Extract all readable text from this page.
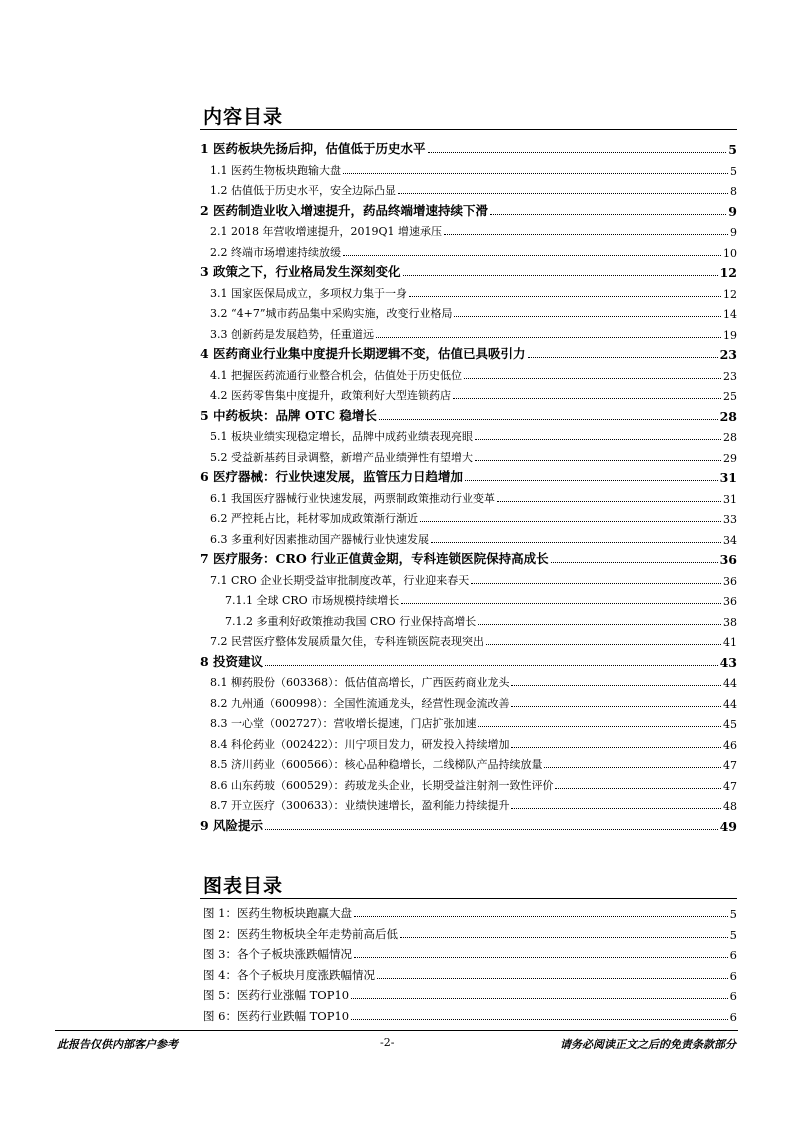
内容目录
1 医药板块先扬后抑，估值低于历史水平	5
1.1 医药生物板块跑输大盘	5
1.2 估值低于历史水平，安全边际凸显	8
2 医药制造业收入增速提升，药品终端增速持续下滑	9
2.1 2018 年营收增速提升，2019Q1 增速承压	9
2.2 终端市场增速持续放缓	10
3 政策之下，行业格局发生深刻变化	12
3.1 国家医保局成立，多项权力集于一身	12
3.2 “4+7”城市药品集中采购实施，改变行业格局	14
3.3 创新药是发展趋势，任重道远	19
4 医药商业行业集中度提升长期逻辑不变，估值已具吸引力	23
4.1 把握医药流通行业整合机会，估值处于历史低位	23
4.2 医药零售集中度提升，政策利好大型连锁药店	25
5 中药板块：品牌 OTC 稳增长	28
5.1 板块业绩实现稳定增长，品牌中成药业绩表现亮眼	28
5.2 受益新基药目录调整，新增产品业绩弹性有望增大	29
6 医疗器械：行业快速发展，监管压力日趋增加	31
6.1 我国医疗器械行业快速发展，两票制政策推动行业变革	31
6.2 严控耗占比，耗材零加成政策渐行渐近	33
6.3 多重利好因素推动国产器械行业快速发展	34
7 医疗服务：CRO 行业正值黄金期，专科连锁医院保持高成长	36
7.1 CRO 企业长期受益审批制度改革，行业迎来春天	36
7.1.1 全球 CRO 市场规模持续增长	36
7.1.2 多重利好政策推动我国 CRO 行业保持高增长	38
7.2 民营医疗整体发展质量欠佳，专科连锁医院表现突出	41
8 投资建议	43
8.1 柳药股份（603368）：低估值高增长，广西医药商业龙头	44
8.2 九州通（600998）：全国性流通龙头，经营性现金流改善	44
8.3 一心堂（002727）：营收增长提速，门店扩张加速	45
8.4 科伦药业（002422）：川宁项目发力，研发投入持续增加	46
8.5 济川药业（600566）：核心品种稳增长，二线梯队产品持续放量	47
8.6 山东药玻（600529）：药玻龙头企业，长期受益注射剂一致性评价	47
8.7 开立医疗（300633）：业绩快速增长，盈利能力持续提升	48
9 风险提示	49
图表目录
图 1：医药生物板块跑赢大盘	5
图 2：医药生物板块全年走势前高后低	5
图 3：各个子板块涨跌幅情况	6
图 4：各个子板块月度涨跌幅情况	6
图 5：医药行业涨幅 TOP10	6
图 6：医药行业跌幅 TOP10	6
此报告仅供内部客户参考	-2-	请务必阅读正文之后的免责条款部分
